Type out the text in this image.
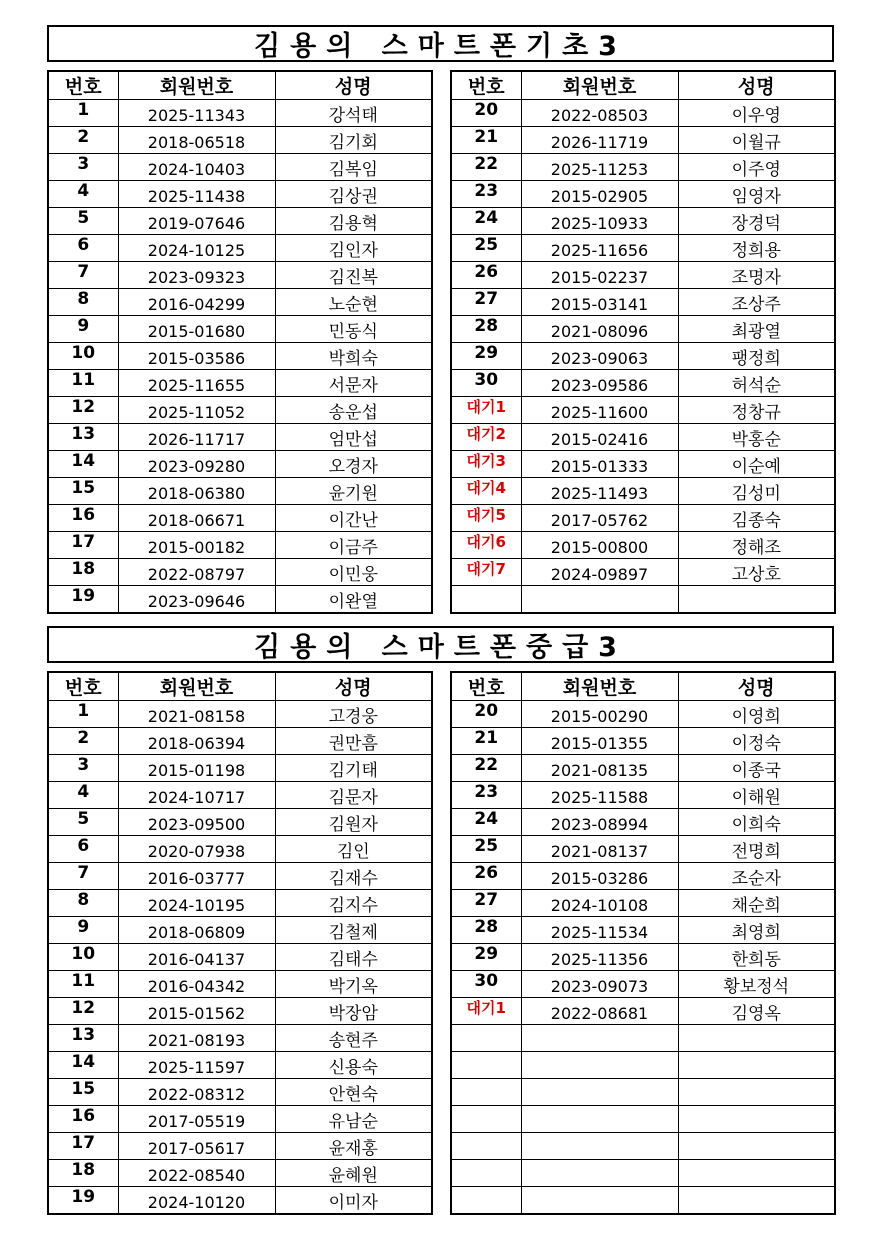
김용의 스마트폰기초3
번호	회원번호	성명
1	2025-11343	강석태
2	2018-06518	김기회
3	2024-10403	김복임
4	2025-11438	김상권
5	2019-07646	김용혁
6	2024-10125	김인자
7	2023-09323	김진복
8	2016-04299	노순현
9	2015-01680	민동식
10	2015-03586	박희숙
11	2025-11655	서문자
12	2025-11052	송운섭
13	2026-11717	엄만섭
14	2023-09280	오경자
15	2018-06380	윤기원
16	2018-06671	이간난
17	2015-00182	이금주
18	2022-08797	이민웅
19	2023-09646	이완열
번호	회원번호	성명
20	2022-08503	이우영
21	2026-11719	이월규
22	2025-11253	이주영
23	2015-02905	임영자
24	2025-10933	장경덕
25	2025-11656	정희용
26	2015-02237	조명자
27	2015-03141	조상주
28	2021-08096	최광열
29	2023-09063	팽정희
30	2023-09586	허석순
대기1	2025-11600	정창규
대기2	2015-02416	박홍순
대기3	2015-01333	이순예
대기4	2025-11493	김성미
대기5	2017-05762	김종숙
대기6	2015-00800	정해조
대기7	2024-09897	고상호

김용의 스마트폰중급3
번호	회원번호	성명
1	2021-08158	고경웅
2	2018-06394	권만흠
3	2015-01198	김기태
4	2024-10717	김문자
5	2023-09500	김원자
6	2020-07938	김인
7	2016-03777	김재수
8	2024-10195	김지수
9	2018-06809	김철제
10	2016-04137	김태수
11	2016-04342	박기옥
12	2015-01562	박장암
13	2021-08193	송현주
14	2025-11597	신용숙
15	2022-08312	안현숙
16	2017-05519	유남순
17	2017-05617	윤재홍
18	2022-08540	윤혜원
19	2024-10120	이미자
번호	회원번호	성명
20	2015-00290	이영희
21	2015-01355	이정숙
22	2021-08135	이종국
23	2025-11588	이해원
24	2023-08994	이희숙
25	2021-08137	전명희
26	2015-03286	조순자
27	2024-10108	채순희
28	2025-11534	최영희
29	2025-11356	한희동
30	2023-09073	황보정석
대기1	2022-08681	김영옥
